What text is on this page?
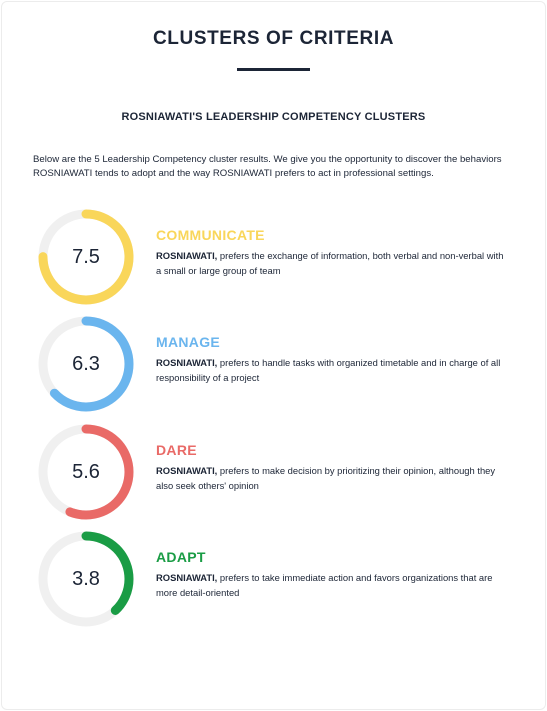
CLUSTERS OF CRITERIA
ROSNIAWATI'S LEADERSHIP COMPETENCY CLUSTERS
Below are the 5 Leadership Competency cluster results. We give you the opportunity to discover the behaviors ROSNIAWATI tends to adopt and the way ROSNIAWATI prefers to act in professional settings.
7.5
COMMUNICATE
ROSNIAWATI, prefers the exchange of information, both verbal and non-verbal with a small or large group of team
6.3
MANAGE
ROSNIAWATI, prefers to handle tasks with organized timetable and in charge of all responsibility of a project
5.6
DARE
ROSNIAWATI, prefers to make decision by prioritizing their opinion, although they also seek others' opinion
3.8
ADAPT
ROSNIAWATI, prefers to take immediate action and favors organizations that are more detail-oriented
